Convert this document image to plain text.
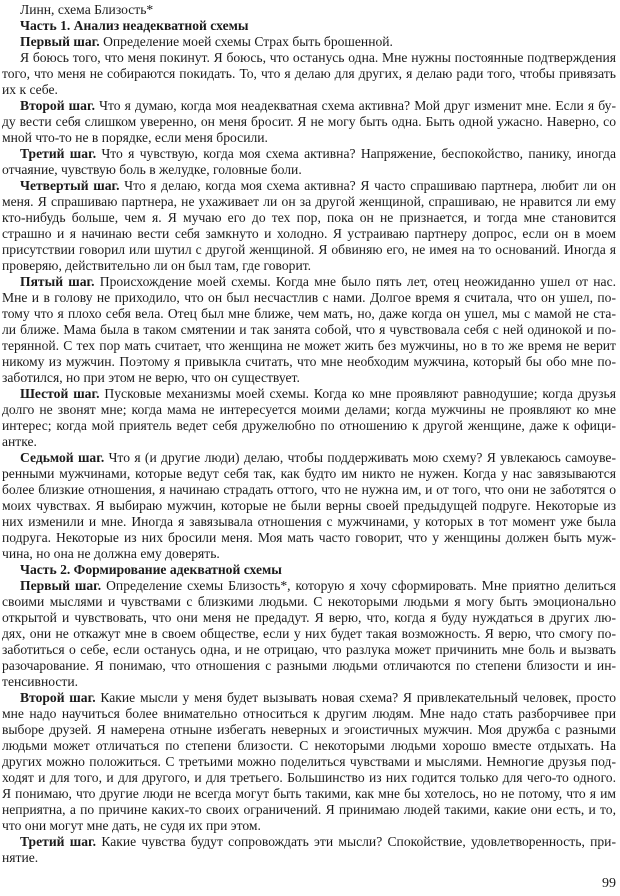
Линн, схема Близость*
Часть 1. Анализ неадекватной схемы
Первый шаг. Определение моей схемы Страх быть брошенной.
Я боюсь того, что меня покинут. Я боюсь, что останусь одна. Мне нужны постоянные подтверждения
того, что меня не собираются покидать. То, что я делаю для других, я делаю ради того, чтобы привязать
их к себе.
Второй шаг. Что я думаю, когда моя неадекватная схема активна? Мой друг изменит мне. Если я бу-
ду вести себя слишком уверенно, он меня бросит. Я не могу быть одна. Быть одной ужасно. Наверно, со
мной что-то не в порядке, если меня бросили.
Третий шаг. Что я чувствую, когда моя схема активна? Напряжение, беспокойство, панику, иногда
отчаяние, чувствую боль в желудке, головные боли.
Четвертый шаг. Что я делаю, когда моя схема активна? Я часто спрашиваю партнера, любит ли он
меня. Я спрашиваю партнера, не ухаживает ли он за другой женщиной, спрашиваю, не нравится ли ему
кто-нибудь больше, чем я. Я мучаю его до тех пор, пока он не признается, и тогда мне становится
страшно и я начинаю вести себя замкнуто и холодно. Я устраиваю партнеру допрос, если он в моем
присутствии говорил или шутил с другой женщиной. Я обвиняю его, не имея на то оснований. Иногда я
проверяю, действительно ли он был там, где говорит.
Пятый шаг. Происхождение моей схемы. Когда мне было пять лет, отец неожиданно ушел от нас.
Мне и в голову не приходило, что он был несчастлив с нами. Долгое время я считала, что он ушел, по-
тому что я плохо себя вела. Отец был мне ближе, чем мать, но, даже когда он ушел, мы с мамой не ста-
ли ближе. Мама была в таком смятении и так занята собой, что я чувствовала себя с ней одинокой и по-
терянной. С тех пор мать считает, что женщина не может жить без мужчины, но в то же время не верит
никому из мужчин. Поэтому я привыкла считать, что мне необходим мужчина, который бы обо мне по-
заботился, но при этом не верю, что он существует.
Шестой шаг. Пусковые механизмы моей схемы. Когда ко мне проявляют равнодушие; когда друзья
долго не звонят мне; когда мама не интересуется моими делами; когда мужчины не проявляют ко мне
интерес; когда мой приятель ведет себя дружелюбно по отношению к другой женщине, даже к офици-
антке.
Седьмой шаг. Что я (и другие люди) делаю, чтобы поддерживать мою схему? Я увлекаюсь самоуве-
ренными мужчинами, которые ведут себя так, как будто им никто не нужен. Когда у нас завязываются
более близкие отношения, я начинаю страдать оттого, что не нужна им, и от того, что они не заботятся о
моих чувствах. Я выбираю мужчин, которые не были верны своей предыдущей подруге. Некоторые из
них изменили и мне. Иногда я завязывала отношения с мужчинами, у которых в тот момент уже была
подруга. Некоторые из них бросили меня. Моя мать часто говорит, что у женщины должен быть муж-
чина, но она не должна ему доверять.
Часть 2. Формирование адекватной схемы
Первый шаг. Определение схемы Близость*, которую я хочу сформировать. Мне приятно делиться
своими мыслями и чувствами с близкими людьми. С некоторыми людьми я могу быть эмоционально
открытой и чувствовать, что они меня не предадут. Я верю, что, когда я буду нуждаться в других лю-
дях, они не откажут мне в своем обществе, если у них будет такая возможность. Я верю, что смогу по-
заботиться о себе, если останусь одна, и не отрицаю, что разлука может причинить мне боль и вызвать
разочарование. Я понимаю, что отношения с разными людьми отличаются по степени близости и ин-
тенсивности.
Второй шаг. Какие мысли у меня будет вызывать новая схема? Я привлекательный человек, просто
мне надо научиться более внимательно относиться к другим людям. Мне надо стать разборчивее при
выборе друзей. Я намерена отныне избегать неверных и эгоистичных мужчин. Моя дружба с разными
людьми может отличаться по степени близости. С некоторыми людьми хорошо вместе отдыхать. На
других можно положиться. С третьими можно поделиться чувствами и мыслями. Немногие друзья под-
ходят и для того, и для другого, и для третьего. Большинство из них годится только для чего-то одного.
Я понимаю, что другие люди не всегда могут быть такими, как мне бы хотелось, но не потому, что я им
неприятна, а по причине каких-то своих ограничений. Я принимаю людей такими, какие они есть, и то,
что они могут мне дать, не судя их при этом.
Третий шаг. Какие чувства будут сопровождать эти мысли? Спокойствие, удовлетворенность, при-
нятие.
99
